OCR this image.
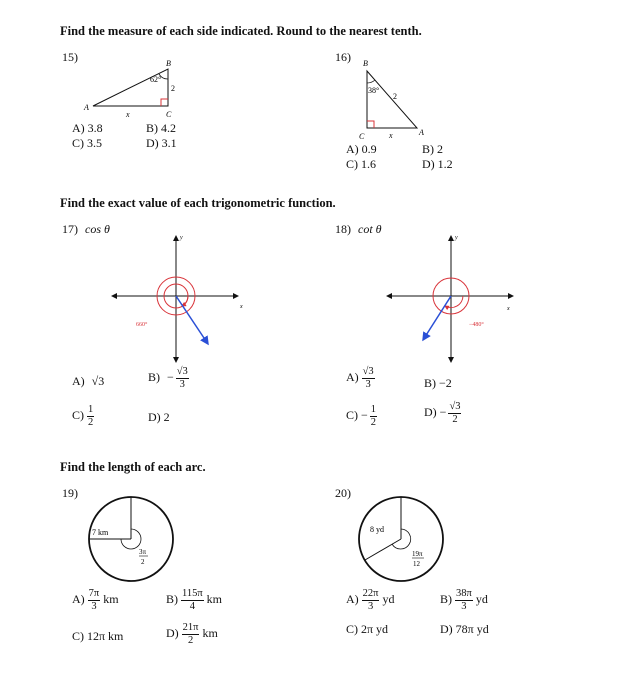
Find the measure of each side indicated. Round to the nearest tenth.
15)
A
B
C
62°
2
x
A) 3.8	B) 4.2
C) 3.5	D) 3.1
16) B
C	A
38°
2
x
A) 0.9	B) 2
C) 1.6	D) 1.2
Find the exact value of each trigonometric function.
17) cos θ
x
y
660°
A) √3	$B) - \frac{√3}{3}$
$C) \frac{1}{2}$	D) 2
18) cot θ
x
y
−480°
$A) \frac{√3}{3}$	B) −2
$C) - \frac{1}{2}$	$D) - \frac{√3}{2}$
Find the length of each arc.
19)
7 km
3π
2
$A) \frac{7\pi}{3}$ km	$B) \frac{115\pi}{4}$ km
C) 12π km	$D) \frac{21\pi}{2}$ km
20)
8 yd
19π
12
$A) \frac{22\pi}{3}$ yd	$B) \frac{38\pi}{3}$ yd
C) 2π yd	D) 78π yd
